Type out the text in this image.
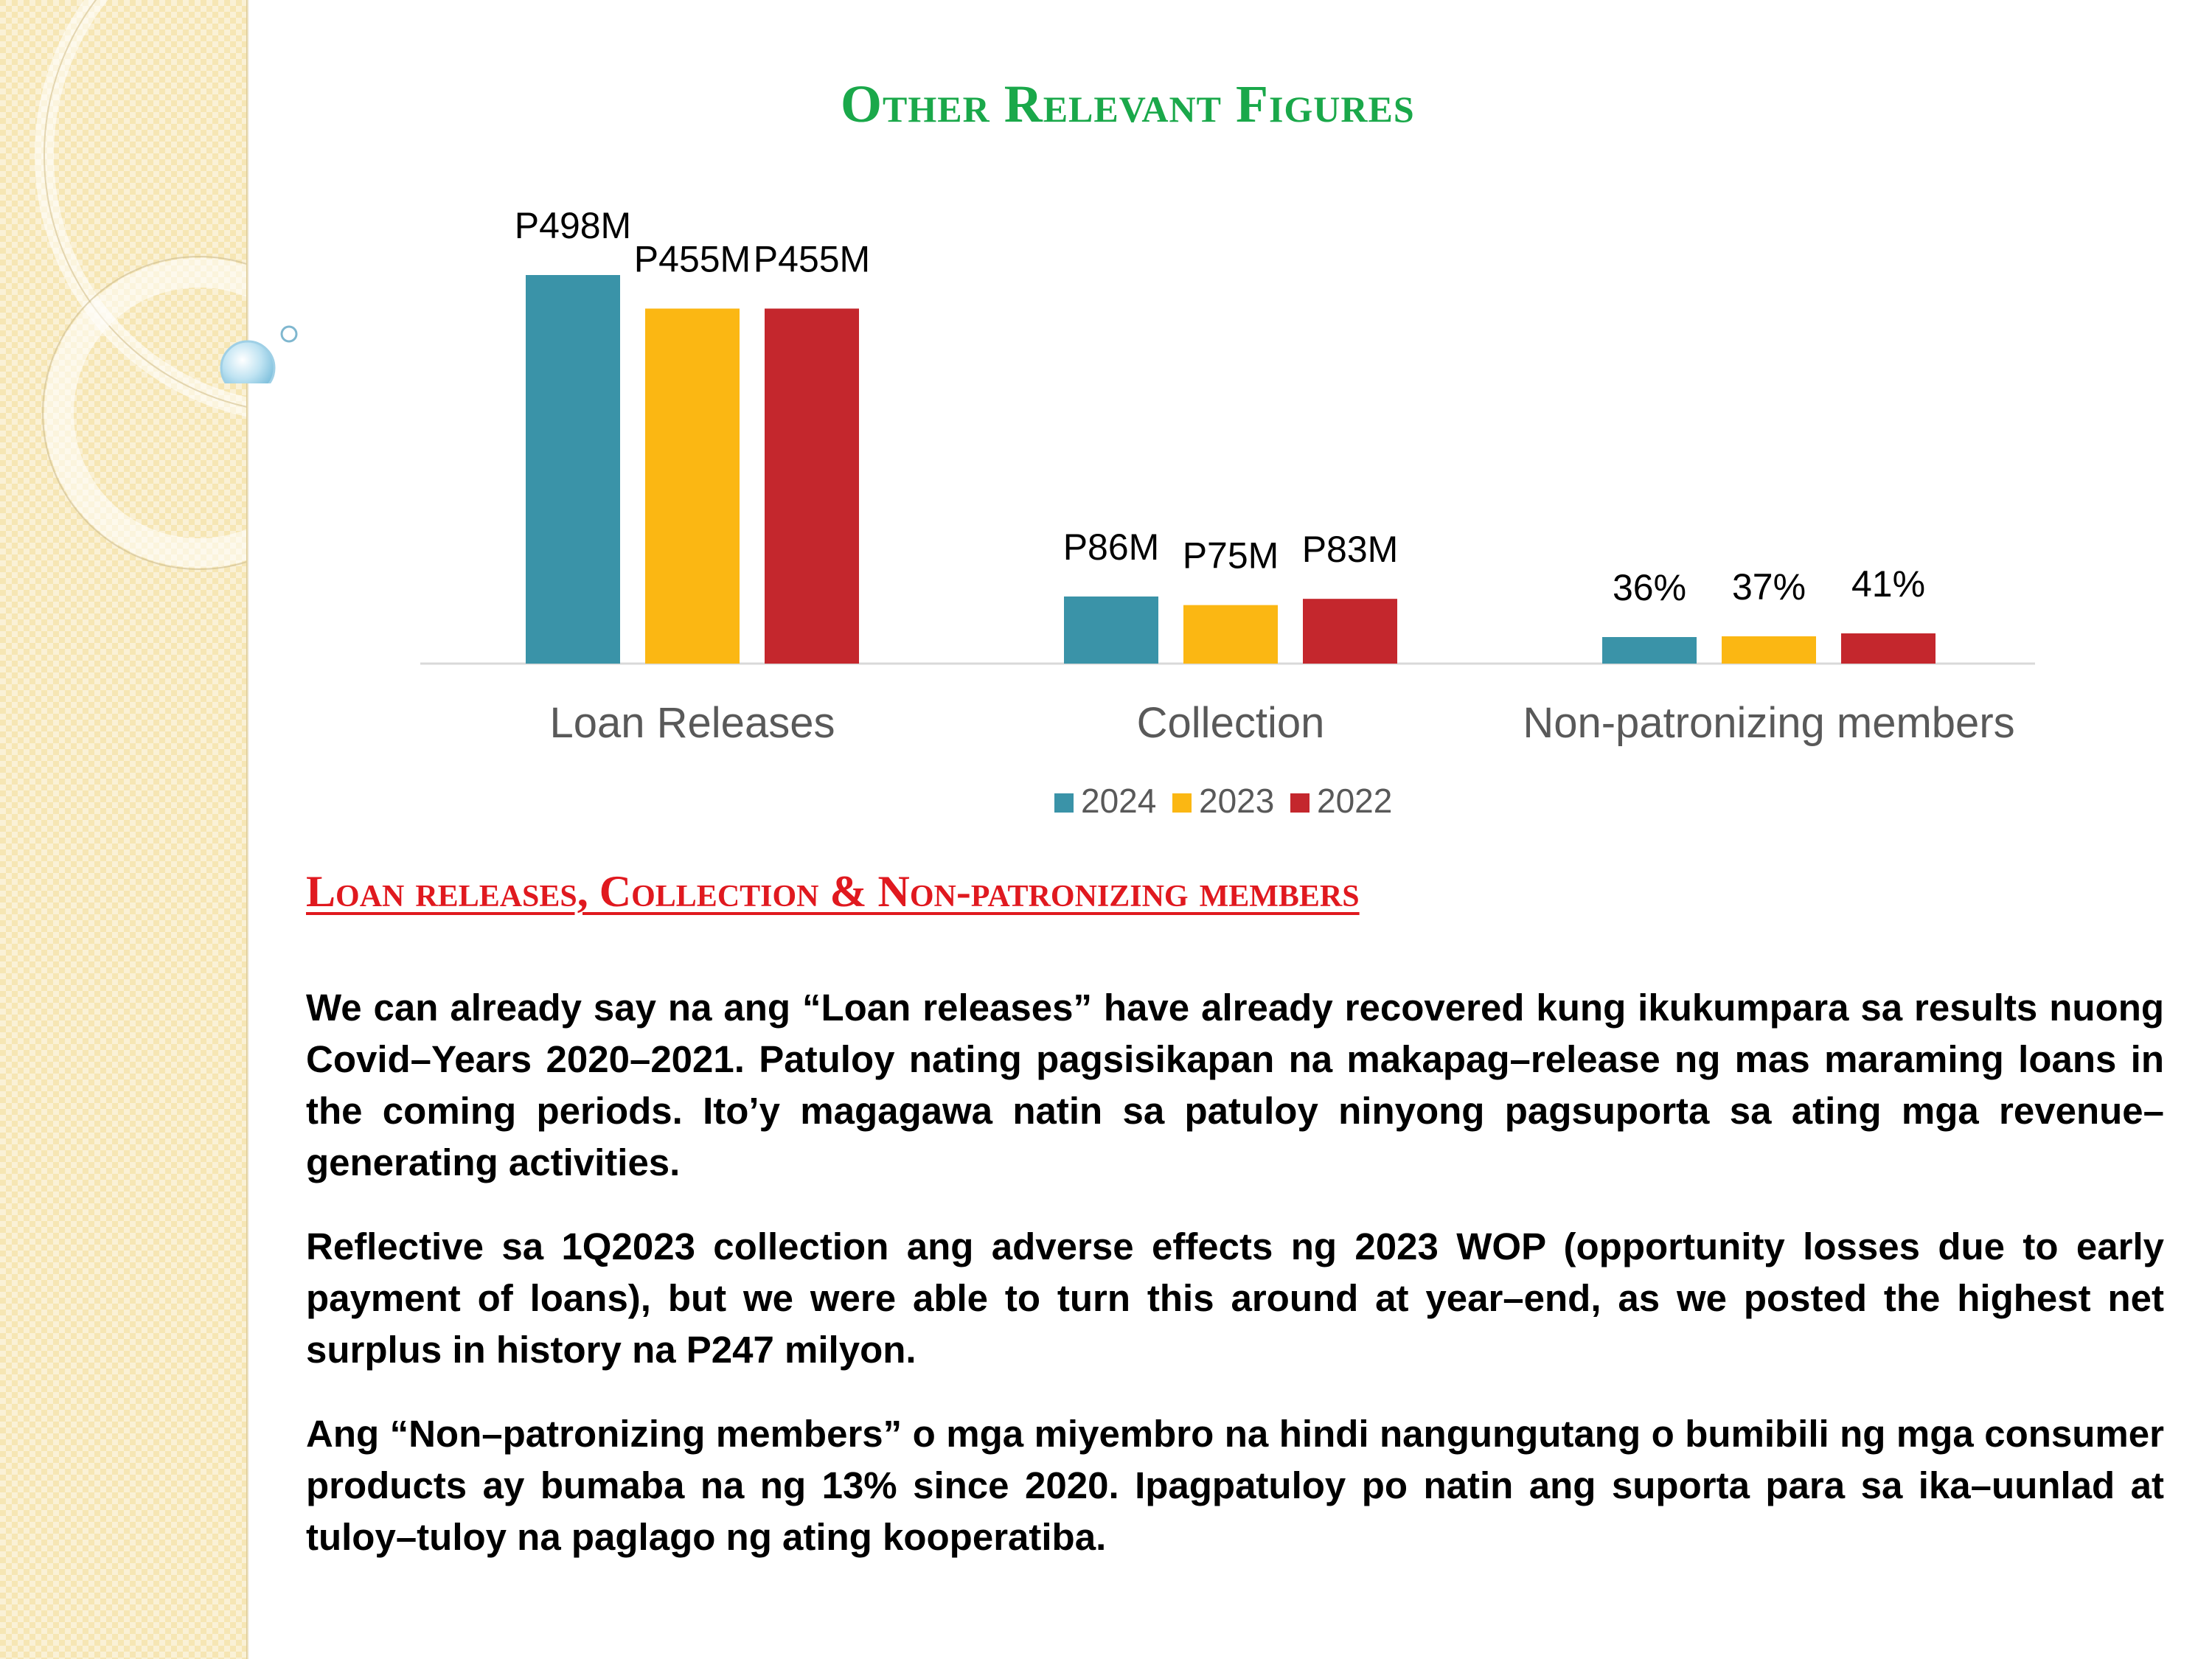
Other Relevant Figures
P498M
P455M P455M
P86M P75M P83M
36% 37% 41%
Loan Releases	Collection	Non-patronizing members
2024 2023 2022
Loan releases, Collection & Non-patronizing members

We can already say na ang “Loan releases” have already recovered kung ikukumpara sa results nuong Covid–Years 2020–2021. Patuloy nating pagsisikapan na makapag–release ng mas maraming loans in the coming periods. Ito’y magagawa natin sa patuloy ninyong pagsuporta sa ating mga revenue–generating activities.

Reflective sa 1Q2023 collection ang adverse effects ng 2023 WOP (opportunity losses due to early payment of loans), but we were able to turn this around at year–end, as we posted the highest net surplus in history na P247 milyon.

Ang “Non–patronizing members” o mga miyembro na hindi nangungutang o bumibili ng mga consumer products ay bumaba na ng 13% since 2020. Ipagpatuloy po natin ang suporta para sa ika–uunlad at tuloy–tuloy na paglago ng ating kooperatiba.
